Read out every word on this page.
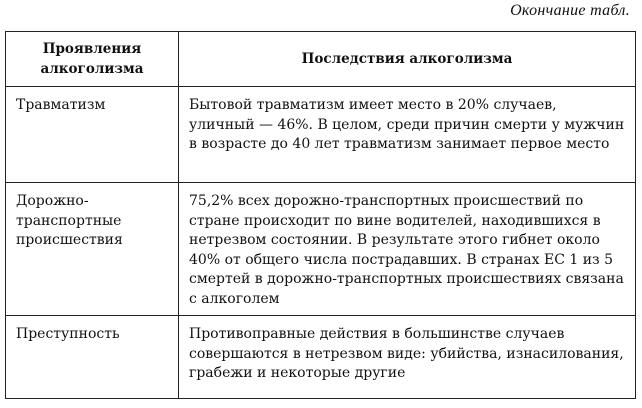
Окончание табл.
Проявления алкоголизма	Последствия алкоголизма
Травматизм	Бытовой травматизм имеет место в 20% случаев, уличный — 46%. В целом, среди причин смерти у мужчин в возрасте до 40 лет травматизм занимает первое место
Дорожно-транспортные происшествия	75,2% всех дорожно-транспортных происшествий по стране происходит по вине водителей, находившихся в нетрезвом состоянии. В результате этого гибнет около 40% от общего числа пострадавших. В странах ЕС 1 из 5 смертей в дорожно-транспортных происшествиях связана с алкоголем
Преступность	Противоправные действия в большинстве случаев совершаются в нетрезвом виде: убийства, изнасилования, грабежи и некоторые другие
